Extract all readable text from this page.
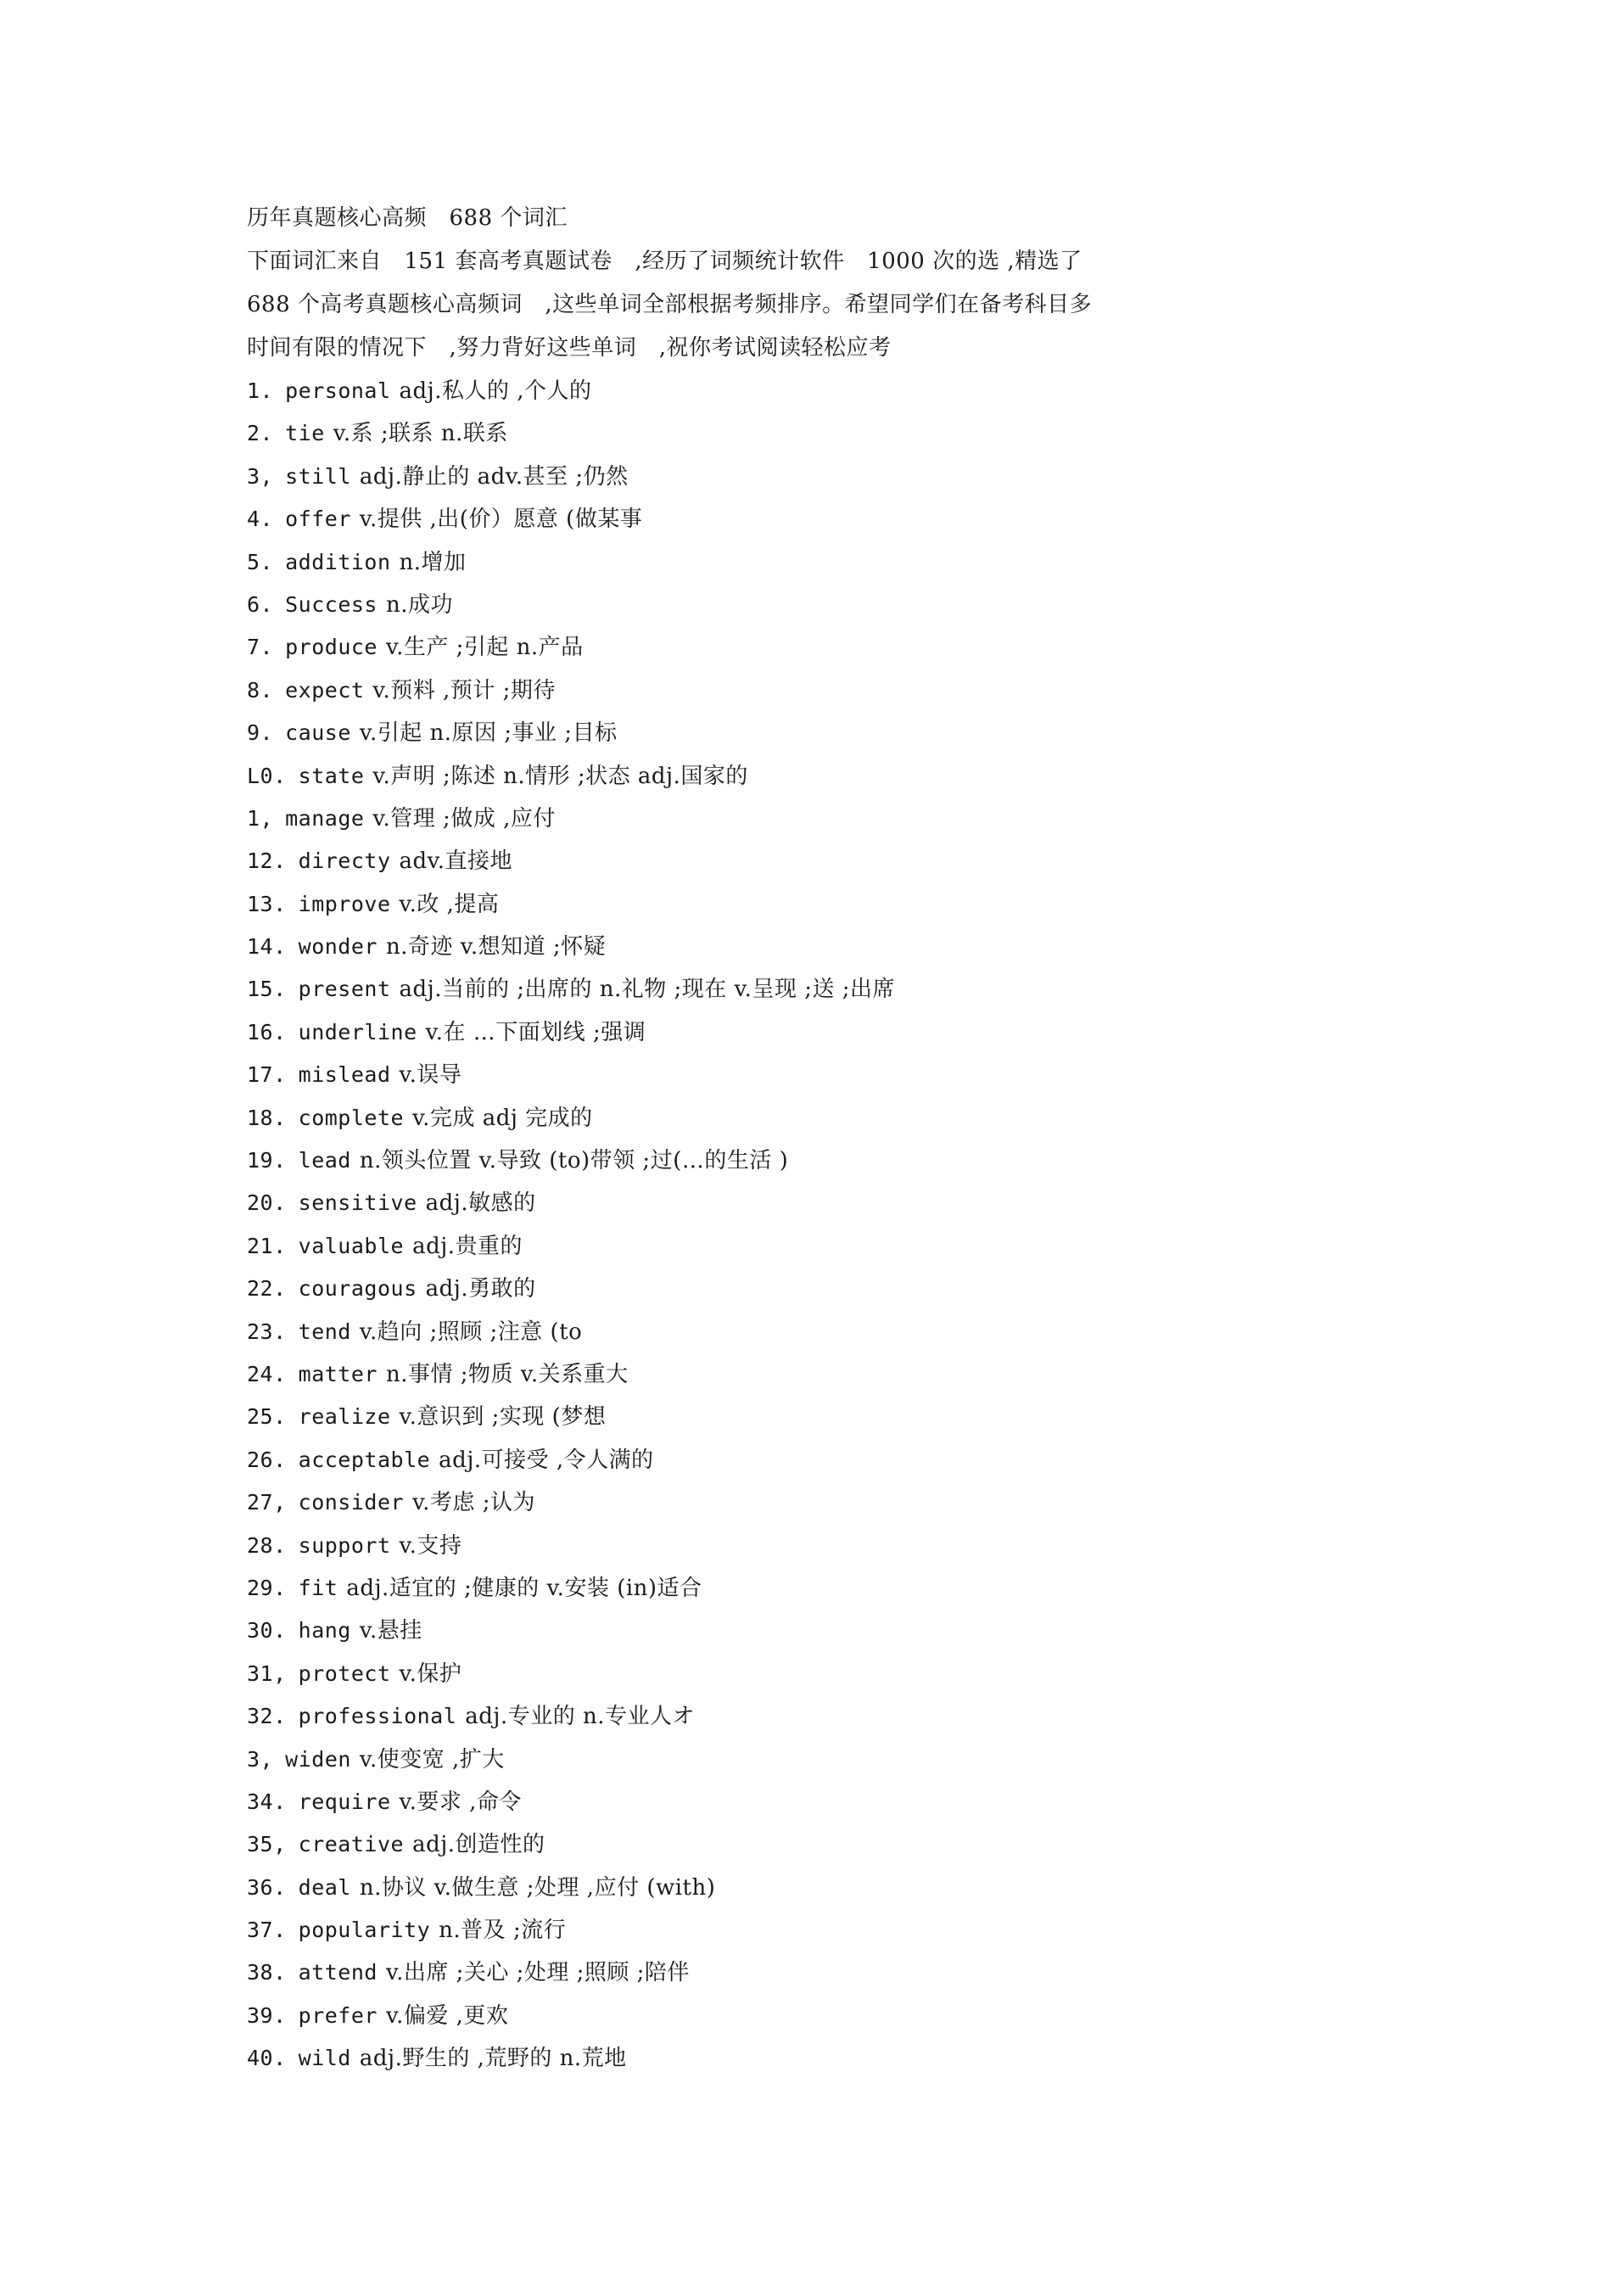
历年真题核心高频　688 个词汇
下面词汇来自　151 套高考真题试卷　,经历了词频统计软件　1000 次的选 ,精选了
688 个高考真题核心高频词　,这些单词全部根据考频排序。希望同学们在备考科目多
时间有限的情况下　,努力背好这些单词　,祝你考试阅读轻松应考
1. personal adj.私人的 ,个人的
2. tie v.系 ;联系 n.联系
3, still adj.静止的 adv.甚至 ;仍然
4. offer v.提供 ,出(价）愿意 (做某事
5. addition n.增加
6. Success n.成功
7. produce v.生产 ;引起 n.产品
8. expect v.预料 ,预计 ;期待
9. cause v.引起 n.原因 ;事业 ;目标
L0. state v.声明 ;陈述 n.情形 ;状态 adj.国家的
1, manage v.管理 ;做成 ,应付
12. directy adv.直接地
13. improve v.改 ,提高
14. wonder n.奇迹 v.想知道 ;怀疑
15. present adj.当前的 ;出席的 n.礼物 ;现在 v.呈现 ;送 ;出席
16. underline v.在 …下面划线 ;强调
17. mislead v.误导
18. complete v.完成 adj 完成的
19. lead n.领头位置 v.导致 (to)带领 ;过(…的生活 )
20. sensitive adj.敏感的
21. valuable adj.贵重的
22. couragous adj.勇敢的
23. tend v.趋向 ;照顾 ;注意 (to
24. matter n.事情 ;物质 v.关系重大
25. realize v.意识到 ;实现 (梦想
26. acceptable adj.可接受 ,令人满的
27, consider v.考虑 ;认为
28. support v.支持
29. fit adj.适宜的 ;健康的 v.安装 (in)适合
30. hang v.悬挂
31, protect v.保护
32. professional adj.专业的 n.专业人オ
3, widen v.使变宽 ,扩大
34. require v.要求 ,命令
35, creative adj.创造性的
36. deal n.协议 v.做生意 ;处理 ,应付 (with)
37. popularity n.普及 ;流行
38. attend v.出席 ;关心 ;处理 ;照顾 ;陪伴
39. prefer v.偏爱 ,更欢
40. wild adj.野生的 ,荒野的 n.荒地
